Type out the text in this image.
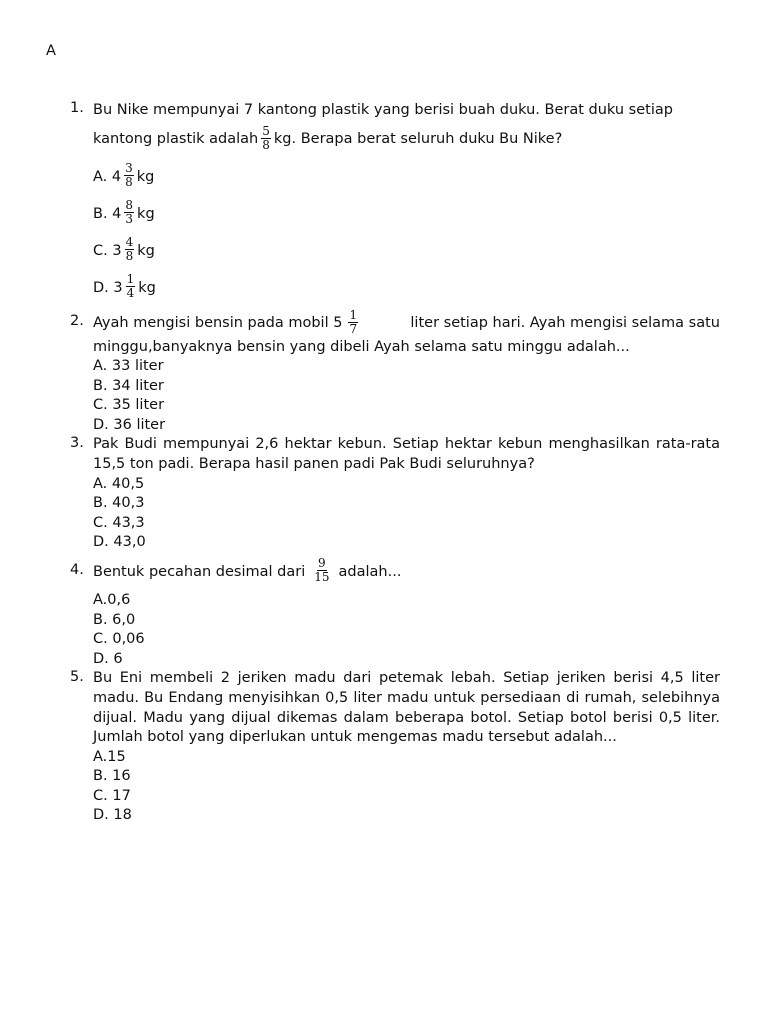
A
1. Bu Nike mempunyai 7 kantong plastik yang berisi buah duku. Berat duku setiap
kantong plastik adalah $\frac{5}{8}$ kg. Berapa berat seluruh duku Bu Nike?
A. $4 \frac{3}{8}$ kg
B. $4 \frac{8}{3}$ kg
C. $3 \frac{4}{8}$ kg
D. $3 \frac{1}{4}$ kg
2. Ayah mengisi bensin pada mobil $5 \frac{1}{7}$	liter setiap hari. Ayah mengisi selama satu
minggu,banyaknya bensin yang dibeli Ayah selama satu minggu adalah...
A. 33 liter
B. 34 liter
C. 35 liter
D. 36 liter
3. Pak Budi mempunyai 2,6 hektar kebun. Setiap hektar kebun menghasilkan rata-rata 15,5 ton padi. Berapa hasil panen padi Pak Budi seluruhnya?
A. 40,5
B. 40,3
C. 43,3
D. 43,0
4. Bentuk pecahan desimal dari $\frac{9}{15}$ adalah...
A.0,6
B. 6,0
C. 0,06
D. 6
5. Bu Eni membeli 2 jeriken madu dari petemak lebah. Setiap jeriken berisi 4,5 liter madu. Bu Endang menyisihkan 0,5 liter madu untuk persediaan di rumah, selebihnya dijual. Madu yang dijual dikemas dalam beberapa botol. Setiap botol berisi 0,5 liter. Jumlah botol yang diperlukan untuk mengemas madu tersebut adalah...
A.15
B. 16
C. 17
D. 18
